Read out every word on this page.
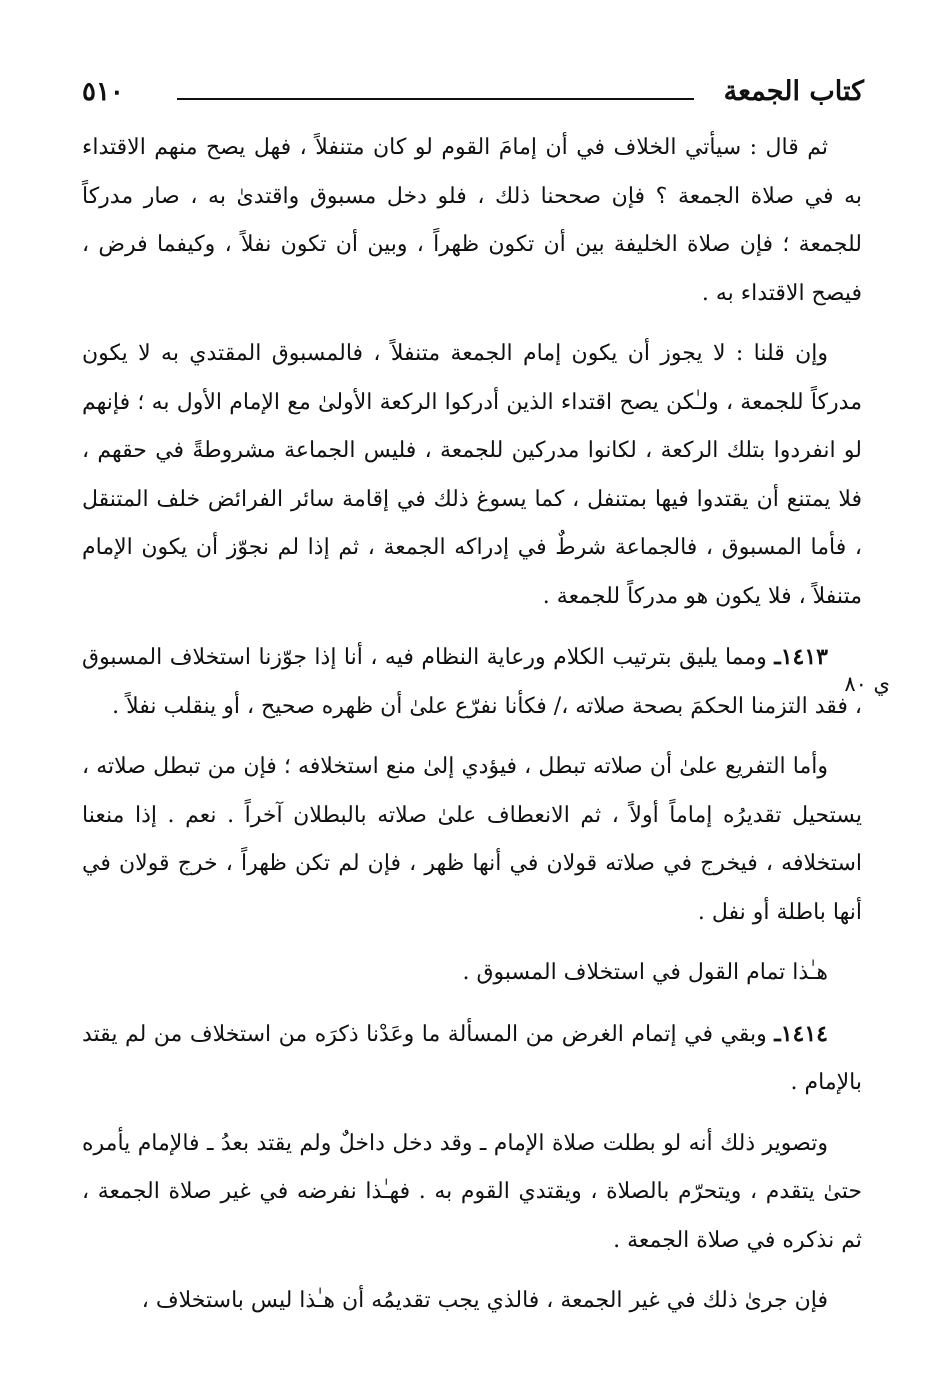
كتاب الجمعة
٥١٠
ي ٨٠

ثم قال : سيأتي الخلاف في أن إمامَ القوم لو كان متنفلاً ، فهل يصح منهم الاقتداء به في صلاة الجمعة ؟ فإن صححنا ذلك ، فلو دخل مسبوق واقتدىٰ به ، صار مدركاً للجمعة ؛ فإن صلاة الخليفة بين أن تكون ظهراً ، وبين أن تكون نفلاً ، وكيفما فرض ، فيصح الاقتداء به .

وإن قلنا : لا يجوز أن يكون إمام الجمعة متنفلاً ، فالمسبوق المقتدي به لا يكون مدركاً للجمعة ، ولـٰكن يصح اقتداء الذين أدركوا الركعة الأولىٰ مع الإمام الأول به ؛ فإنهم لو انفردوا بتلك الركعة ، لكانوا مدركين للجمعة ، فليس الجماعة مشروطةً في حقهم ، فلا يمتنع أن يقتدوا فيها بمتنفل ، كما يسوغ ذلك في إقامة سائر الفرائض خلف المتنقل ، فأما المسبوق ، فالجماعة شرطٌ في إدراكه الجمعة ، ثم إذا لم نجوّز أن يكون الإمام متنفلاً ، فلا يكون هو مدركاً للجمعة .

١٤١٣ـ ومما يليق بترتيب الكلام ورعاية النظام فيه ، أنا إذا جوّزنا استخلاف المسبوق ، فقد التزمنا الحكمَ بصحة صلاته ،/ فكأنا نفرّع علىٰ أن ظهره صحيح ، أو ينقلب نفلاً .

وأما التفريع علىٰ أن صلاته تبطل ، فيؤدي إلىٰ منع استخلافه ؛ فإن من تبطل صلاته ، يستحيل تقديرُه إماماً أولاً ، ثم الانعطاف علىٰ صلاته بالبطلان آخراً . نعم . إذا منعنا استخلافه ، فيخرج في صلاته قولان في أنها ظهر ، فإن لم تكن ظهراً ، خرج قولان في أنها باطلة أو نفل .

هـٰذا تمام القول في استخلاف المسبوق .

١٤١٤ـ وبقي في إتمام الغرض من المسألة ما وعَدْنا ذكرَه من استخلاف من لم يقتد بالإمام .

وتصوير ذلك أنه لو بطلت صلاة الإمام ـ وقد دخل داخلٌ ولم يقتد بعدُ ـ فالإمام يأمره حتىٰ يتقدم ، ويتحرّم بالصلاة ، ويقتدي القوم به . فهـٰذا نفرضه في غير صلاة الجمعة ، ثم نذكره في صلاة الجمعة .

فإن جرىٰ ذلك في غير الجمعة ، فالذي يجب تقديمُه أن هـٰذا ليس باستخلاف ،
